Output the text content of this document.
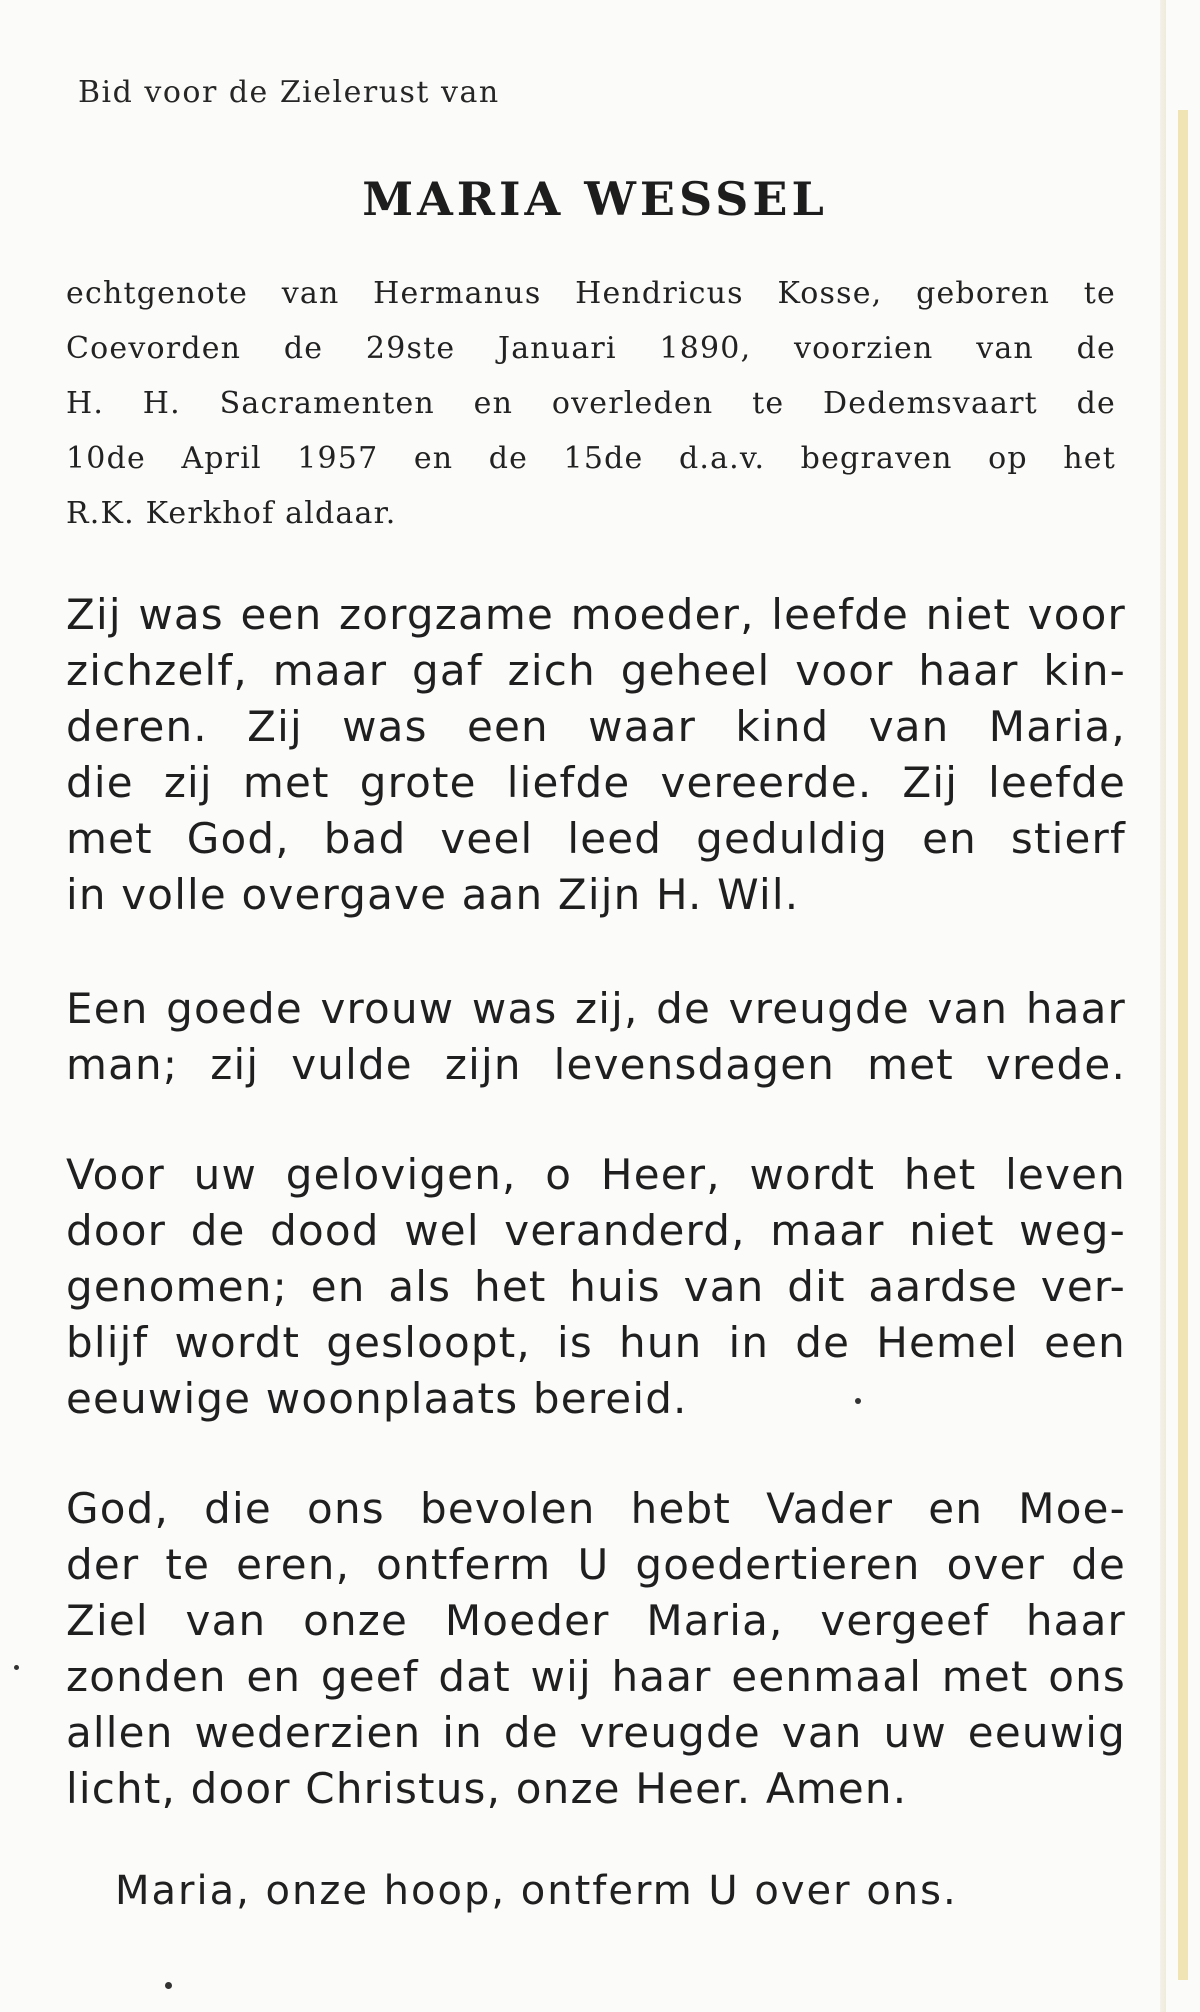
Bid voor de Zielerust van
MARIA WESSEL
echtgenote van Hermanus Hendricus Kosse, geboren te
Coevorden de 29ste Januari 1890, voorzien van de
H. H. Sacramenten en overleden te Dedemsvaart de
10de April 1957 en de 15de d.a.v. begraven op het
R.K. Kerkhof aldaar.
Zij was een zorgzame moeder, leefde niet voor
zichzelf, maar gaf zich geheel voor haar kin-
deren. Zij was een waar kind van Maria,
die zij met grote liefde vereerde. Zij leefde
met God, bad veel leed geduldig en stierf
in volle overgave aan Zijn H. Wil.
Een goede vrouw was zij, de vreugde van haar
man; zij vulde zijn levensdagen met vrede.
Voor uw gelovigen, o Heer, wordt het leven
door de dood wel veranderd, maar niet weg-
genomen; en als het huis van dit aardse ver-
blijf wordt gesloopt, is hun in de Hemel een
eeuwige woonplaats bereid.
God, die ons bevolen hebt Vader en Moe-
der te eren, ontferm U goedertieren over de
Ziel van onze Moeder Maria, vergeef haar
zonden en geef dat wij haar eenmaal met ons
allen wederzien in de vreugde van uw eeuwig
licht, door Christus, onze Heer. Amen.
Maria, onze hoop, ontferm U over ons.
